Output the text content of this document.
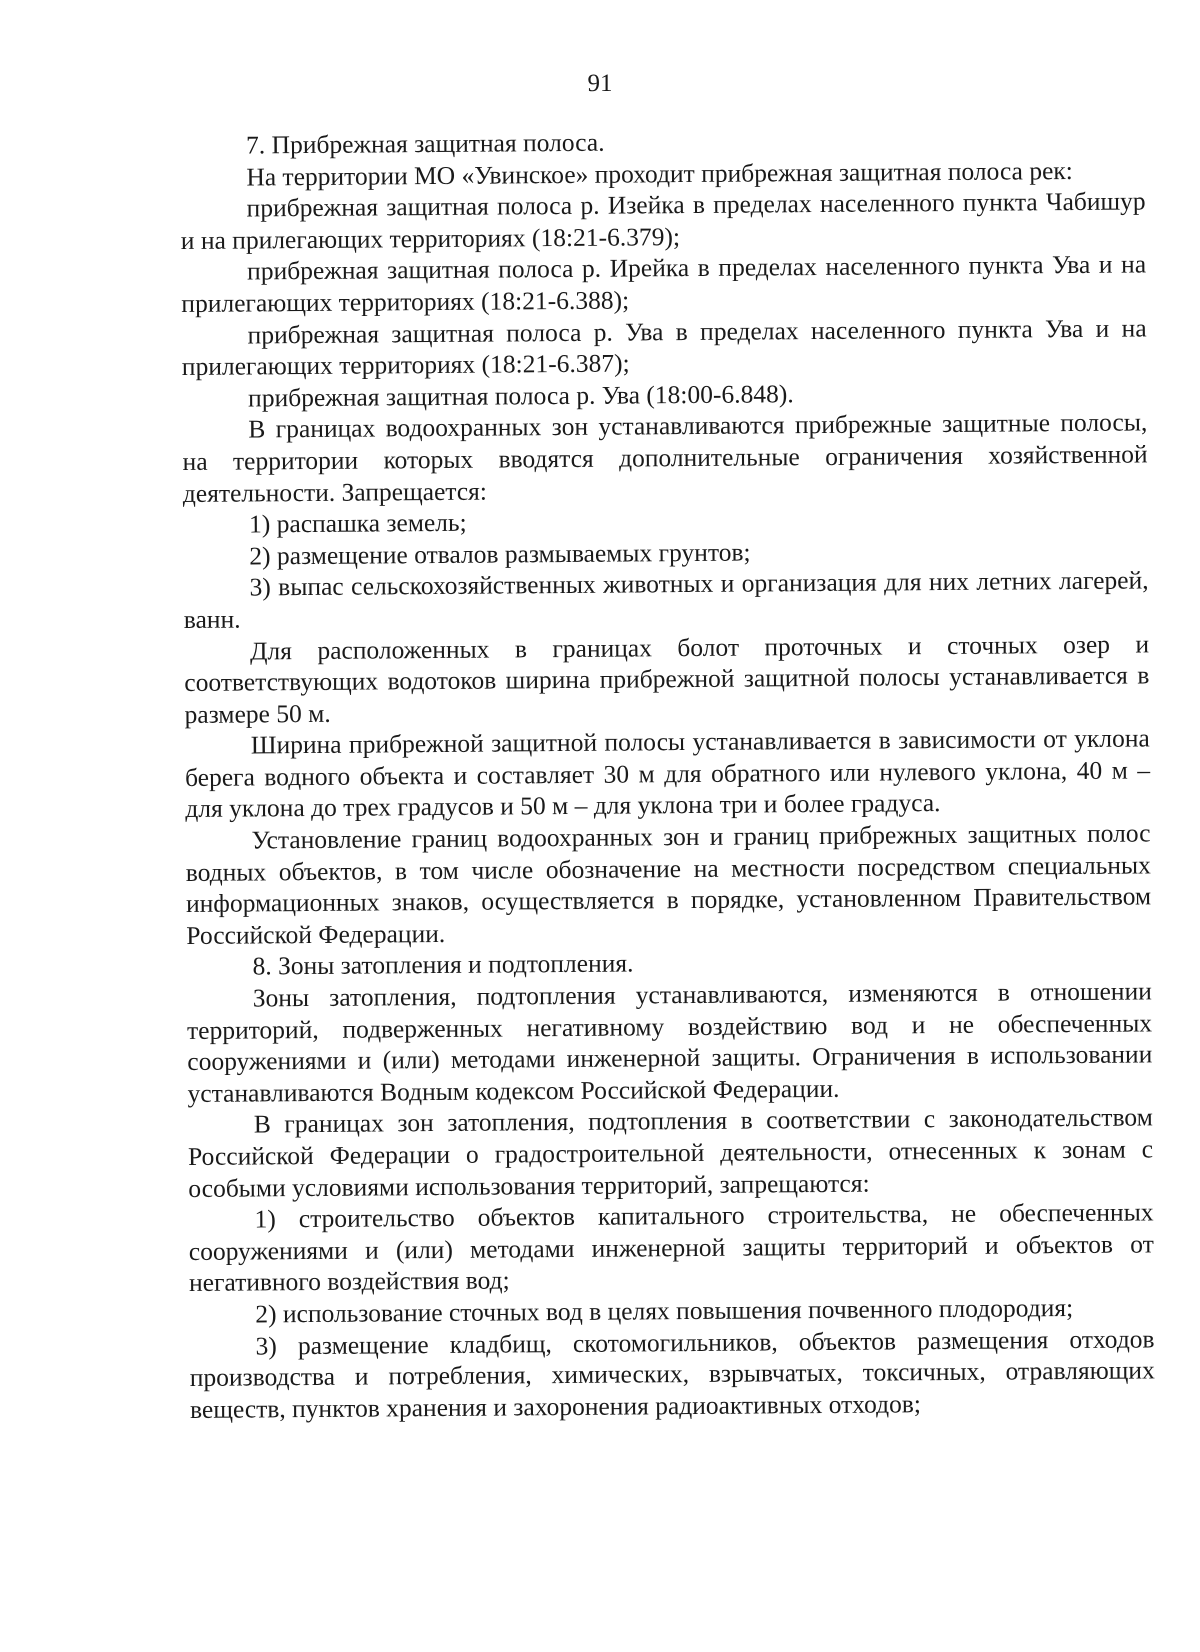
91

7. Прибрежная защитная полоса.

На территории МО «Увинское» проходит прибрежная защитная полоса рек:

прибрежная защитная полоса р. Изейка в пределах населенного пункта Чабишур и на прилегающих территориях (18:21-6.379);

прибрежная защитная полоса р. Ирейка в пределах населенного пункта Ува и на прилегающих территориях (18:21-6.388);

прибрежная защитная полоса р. Ува в пределах населенного пункта Ува и на прилегающих территориях (18:21-6.387);

прибрежная защитная полоса р. Ува (18:00-6.848).

В границах водоохранных зон устанавливаются прибрежные защитные полосы, на территории которых вводятся дополнительные ограничения хозяйственной деятельности. Запрещается:

1) распашка земель;

2) размещение отвалов размываемых грунтов;

3) выпас сельскохозяйственных животных и организация для них летних лагерей, ванн.

Для расположенных в границах болот проточных и сточных озер и соответствующих водотоков ширина прибрежной защитной полосы устанавливается в размере 50 м.

Ширина прибрежной защитной полосы устанавливается в зависимости от уклона берега водного объекта и составляет 30 м для обратного или нулевого уклона, 40 м – для уклона до трех градусов и 50 м – для уклона три и более градуса.

Установление границ водоохранных зон и границ прибрежных защитных полос водных объектов, в том числе обозначение на местности посредством специальных информационных знаков, осуществляется в порядке, установленном Правительством Российской Федерации.

8. Зоны затопления и подтопления.

Зоны затопления, подтопления устанавливаются, изменяются в отношении территорий, подверженных негативному воздействию вод и не обеспеченных сооружениями и (или) методами инженерной защиты. Ограничения в использовании устанавливаются Водным кодексом Российской Федерации.

В границах зон затопления, подтопления в соответствии с законодательством Российской Федерации о градостроительной деятельности, отнесенных к зонам с особыми условиями использования территорий, запрещаются:

1) строительство объектов капитального строительства, не обеспеченных сооружениями и (или) методами инженерной защиты территорий и объектов от негативного воздействия вод;

2) использование сточных вод в целях повышения почвенного плодородия;

3) размещение кладбищ, скотомогильников, объектов размещения отходов производства и потребления, химических, взрывчатых, токсичных, отравляющих веществ, пунктов хранения и захоронения радиоактивных отходов;
